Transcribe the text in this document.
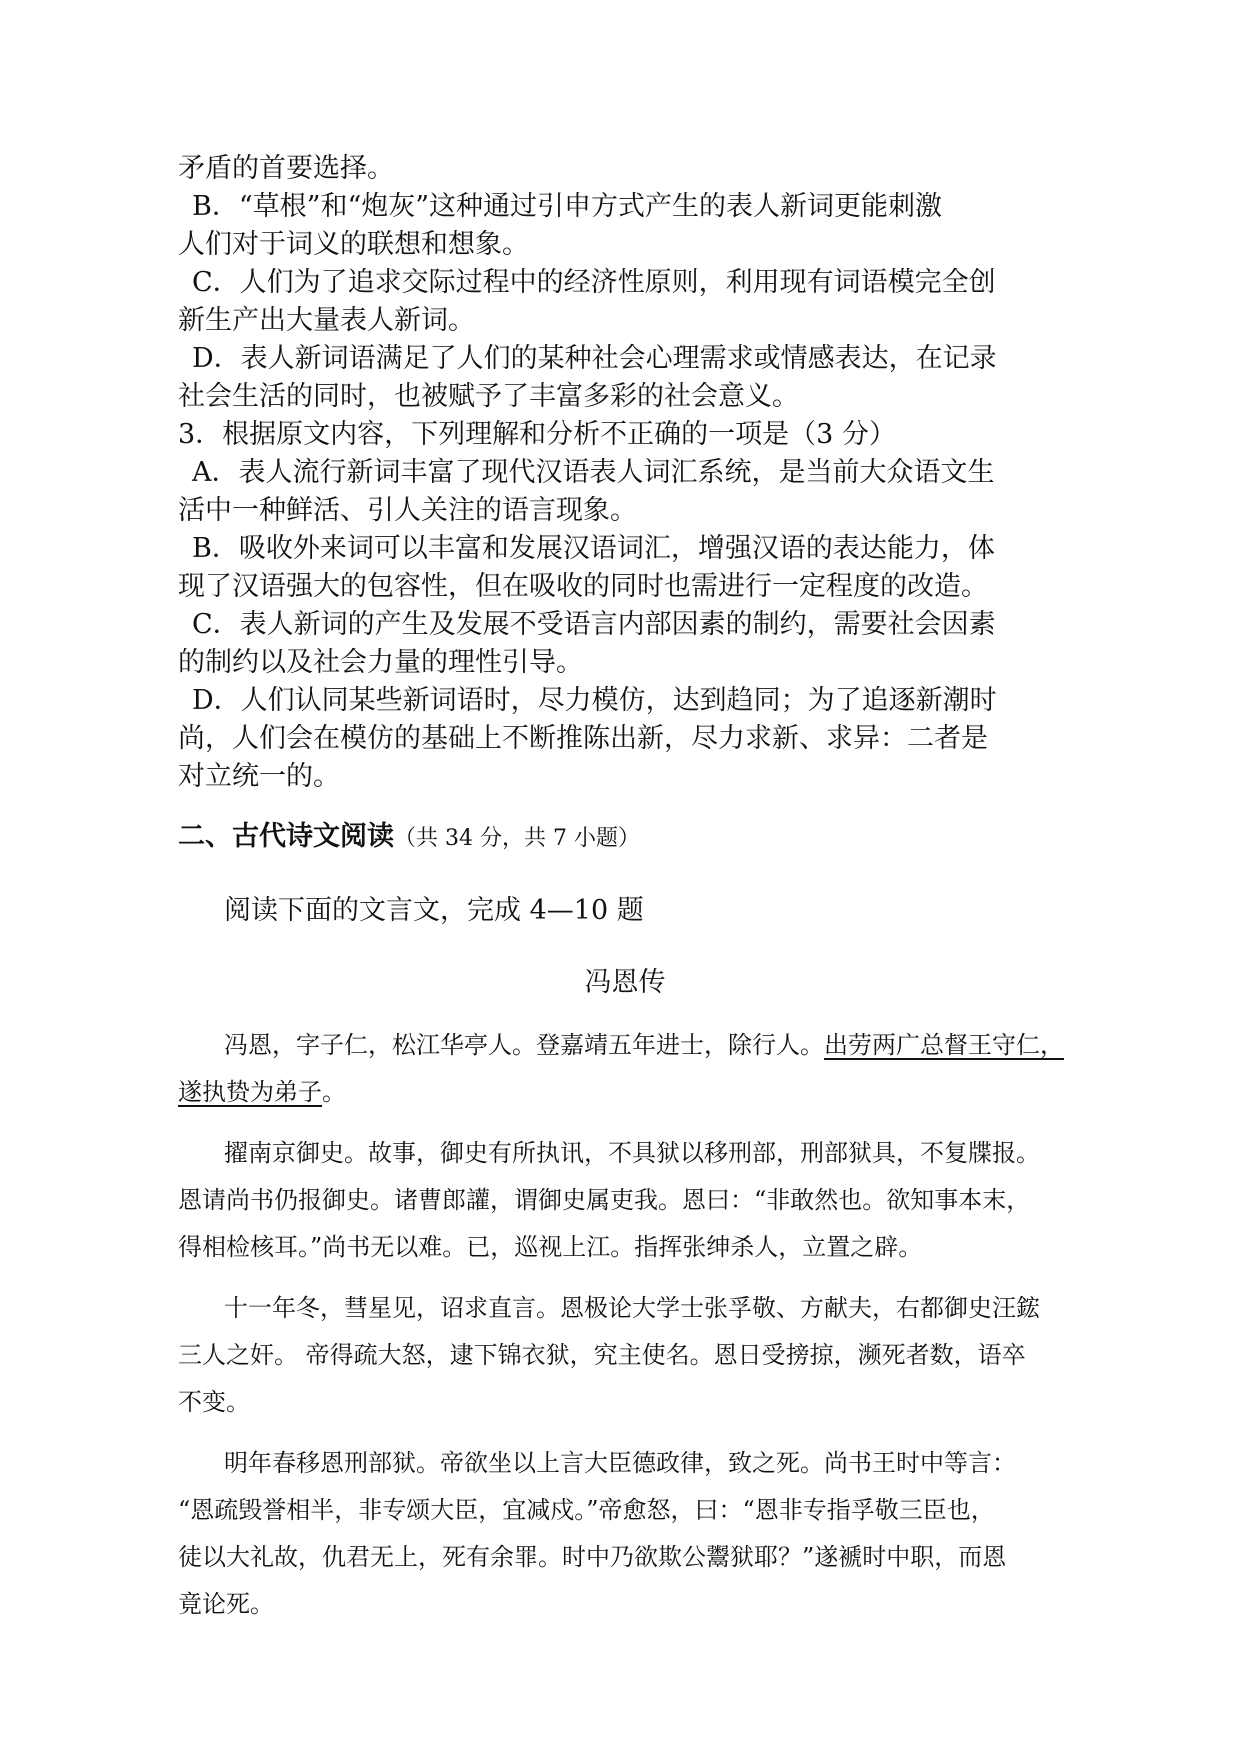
矛盾的首要选择。
B．“草根”和“炮灰”这种通过引申方式产生的表人新词更能刺激
人们对于词义的联想和想象。
C．人们为了追求交际过程中的经济性原则，利用现有词语模完全创
新生产出大量表人新词。
D．表人新词语满足了人们的某种社会心理需求或情感表达，在记录
社会生活的同时，也被赋予了丰富多彩的社会意义。
3．根据原文内容，下列理解和分析不正确的一项是（3 分）
A．表人流行新词丰富了现代汉语表人词汇系统，是当前大众语文生
活中一种鲜活、引人关注的语言现象。
B．吸收外来词可以丰富和发展汉语词汇，增强汉语的表达能力，体
现了汉语强大的包容性，但在吸收的同时也需进行一定程度的改造。
C．表人新词的产生及发展不受语言内部因素的制约，需要社会因素
的制约以及社会力量的理性引导。
D．人们认同某些新词语时，尽力模仿，达到趋同；为了追逐新潮时
尚，人们会在模仿的基础上不断推陈出新，尽力求新、求异：二者是
对立统一的。
二、古代诗文阅读（共 34 分，共 7 小题）
阅读下面的文言文，完成 4—10 题
冯恩传
冯恩，字子仁，松江华亭人。登嘉靖五年进士，除行人。出劳两广总督王守仁，
遂执贽为弟子。
擢南京御史。故事，御史有所执讯，不具狱以移刑部，刑部狱具，不复牒报。
恩请尚书仍报御史。诸曹郎讙，谓御史属吏我。恩曰：“非敢然也。欲知事本末，
得相检核耳。”尚书无以难。已，巡视上江。指挥张绅杀人，立置之辟。
十一年冬，彗星见，诏求直言。恩极论大学士张孚敬、方献夫，右都御史汪鋐
三人之奸。 帝得疏大怒，逮下锦衣狱，究主使名。恩日受搒掠，濒死者数，语卒
不变。
明年春移恩刑部狱。帝欲坐以上言大臣德政律，致之死。尚书王时中等言：
“恩疏毁誉相半，非专颂大臣，宜减戍。”帝愈怒，曰：“恩非专指孚敬三臣也，
徒以大礼故，仇君无上，死有余罪。时中乃欲欺公鬻狱耶？”遂褫时中职，而恩
竟论死。
